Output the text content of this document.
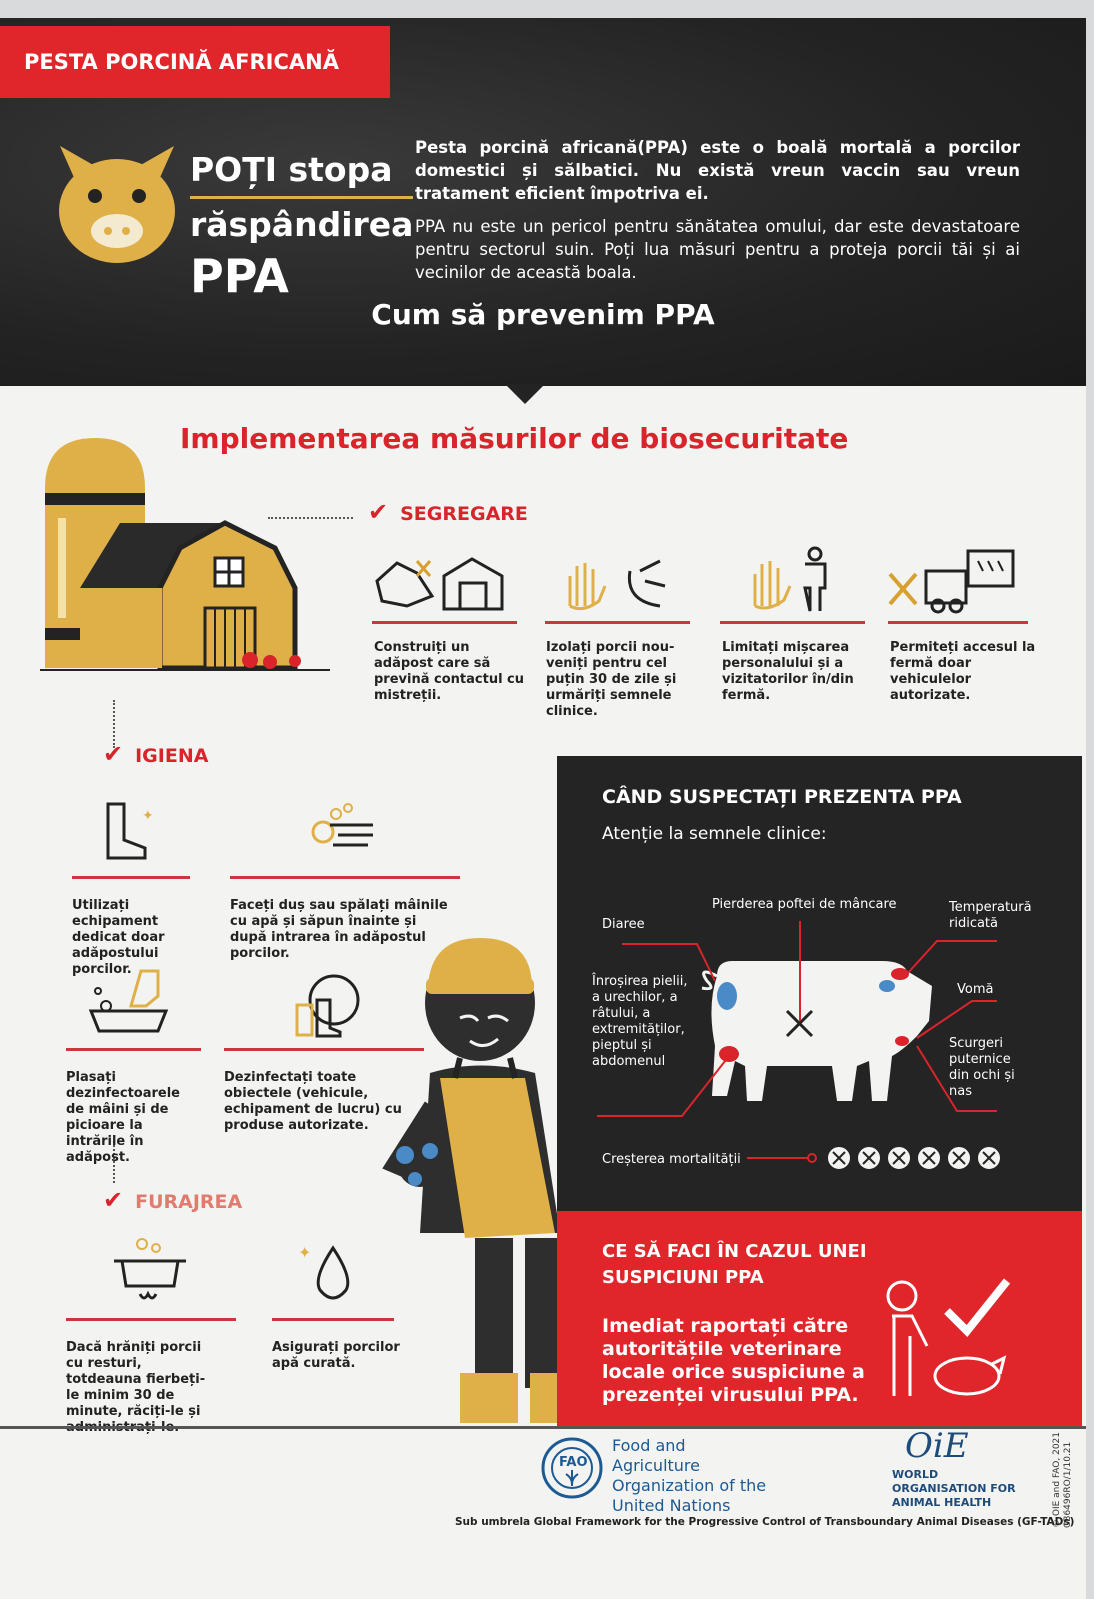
PESTA PORCINĂ AFRICANĂ
POȚI stopa
răspândirea
PPA

Pesta porcină africană(PPA) este o boală mortală a porcilor domestici și sălbatici. Nu există vreun vaccin sau vreun tratament eficient împotriva ei.

PPA nu este un pericol pentru sănătatea omului, dar este devastatoare pentru sectorul suin. Poți lua măsuri pentru a proteja porcii tăi și ai vecinilor de această boala.

Cum să prevenim PPA
Implementarea măsurilor de biosecuritate
✔ SEGREGARE
Construiți un adăpost care să prevină contactul cu mistreții.
Izolați porcii nou-veniți pentru cel puțin 30 de zile și urmăriți semnele clinice.
Limitați mișcarea personalului și a vizitatorilor în/din fermă.
Permiteți accesul la fermă doar vehiculelor autorizate.
✔ IGIENA
✦
Utilizați echipament dedicat doar adăpostului porcilor.
Faceți duș sau spălați mâinile cu apă și săpun înainte și după intrarea în adăpostul porcilor.
Plasați dezinfectoarele de mâini și de picioare la intrările în adăpost.
Dezinfectați toate obiectele (vehicule, echipament de lucru) cu produse autorizate.
✔ FURAJREA
Dacă hrăniți porcii cu resturi, totdeauna fierbeți-le minim 30 de minute, răciți-le și
✦
Asigurați porcilor apă curată.
CÂND SUSPECTAȚI PREZENTA PPA
Atenție la semnele clinice:
Diaree
Pierderea poftei de mâncare	Temperatură ridicată
Vomă
Înroșirea pielii, a urechilor, a râtului, a extremităților, pieptul și abdomenul
Scurgeri puternice din ochi și nas
Creșterea mortalității
CE SĂ FACI ÎN CAZUL UNEI SUSPICIUNI PPA
Imediat raportați către autoritățile veterinare locale orice suspiciune a prezenței virusului PPA.
FAO
Food and Agriculture Organization of the United Nations
OiE
WORLD ORGANISATION FOR ANIMAL HEALTH	© OIE and FAO, 2021 CB6496RO/1/10.21
Sub umbrela Global Framework for the Progressive Control of Transboundary Animal Diseases (GF-TADs)
